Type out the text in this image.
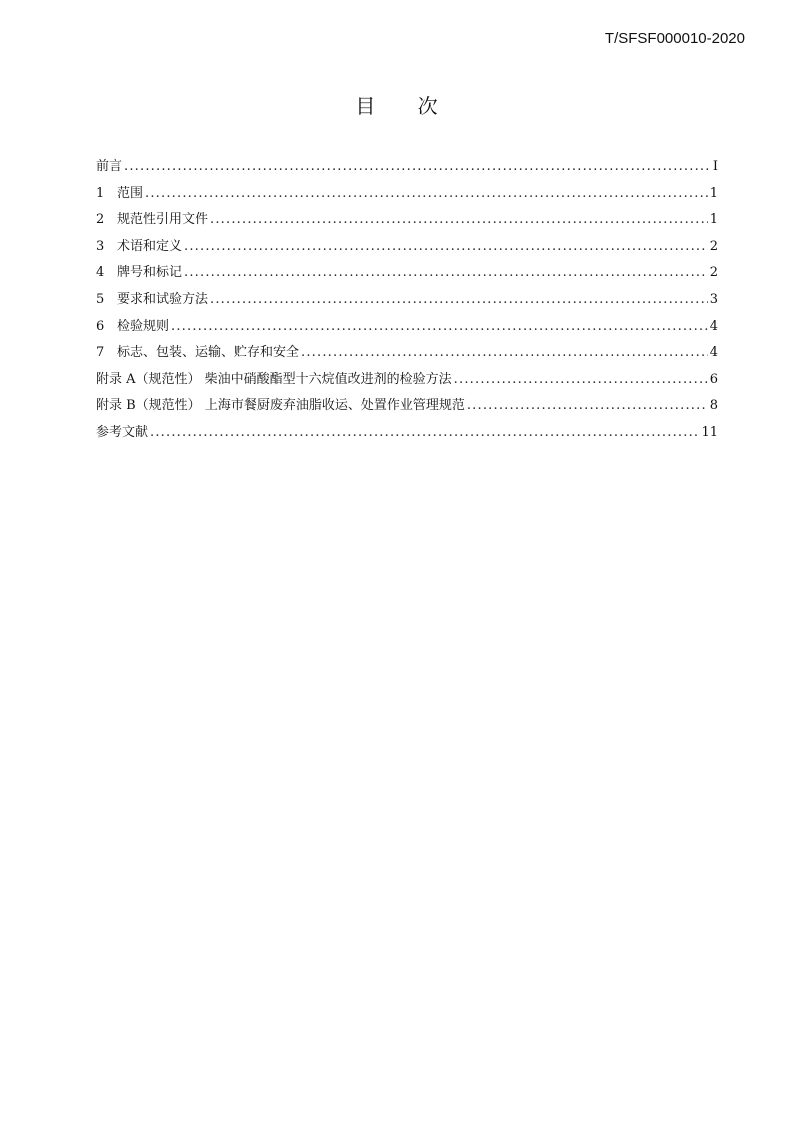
T/SFSF000010-2020
目 次
前言 .....	I
1 范围 .....	1
2 规范性引用文件 .....	1
3 术语和定义 .....	2
4 牌号和标记 .....	2
5 要求和试验方法 .....	3
6 检验规则 .....	4
7 标志、包装、运输、贮存和安全 .....	4
附录 A（规范性） 柴油中硝酸酯型十六烷值改进剂的检验方法 .....	6
附录 B（规范性） 上海市餐厨废弃油脂收运、处置作业管理规范 .....	8
参考文献 .....	11
